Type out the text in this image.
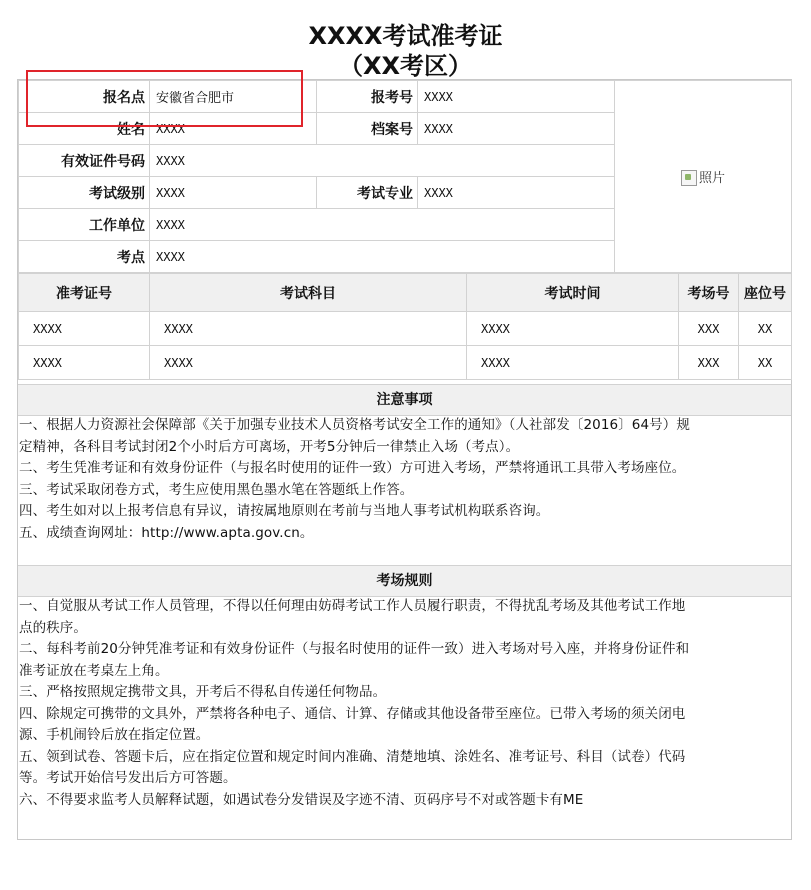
XXXX考试准考证
（XX考区）
报名点	安徽省合肥市	报考号	XXXX	照片
姓名	XXXX	档案号	XXXX	
有效证件号码	XXXX			
考试级别	XXXX	考试专业	XXXX	
工作单位	XXXX			
考点	XXXX			
准考证号	考试科目	考试时间	考场号	座位号
XXXX	XXXX	XXXX	XXX	XX
XXXX	XXXX	XXXX	XXX	XX
注意事项
一、根据人力资源社会保障部《关于加强专业技术人员资格考试安全工作的通知》（人社部发〔2016〕64号）规
定精神，各科目考试封闭2个小时后方可离场，开考5分钟后一律禁止入场（考点）。
二、考生凭准考证和有效身份证件（与报名时使用的证件一致）方可进入考场，严禁将通讯工具带入考场座位。
三、考试采取闭卷方式，考生应使用黑色墨水笔在答题纸上作答。
四、考生如对以上报考信息有异议，请按属地原则在考前与当地人事考试机构联系咨询。
五、成绩查询网址：http://www.apta.gov.cn。
考场规则
一、自觉服从考试工作人员管理，不得以任何理由妨碍考试工作人员履行职责，不得扰乱考场及其他考试工作地
点的秩序。
二、每科考前20分钟凭准考证和有效身份证件（与报名时使用的证件一致）进入考场对号入座，并将身份证件和
准考证放在考桌左上角。
三、严格按照规定携带文具，开考后不得私自传递任何物品。
四、除规定可携带的文具外，严禁将各种电子、通信、计算、存储或其他设备带至座位。已带入考场的须关闭电
源、手机闹铃后放在指定位置。
五、领到试卷、答题卡后，应在指定位置和规定时间内准确、清楚地填、涂姓名、准考证号、科目（试卷）代码
等。考试开始信号发出后方可答题。
六、不得要求监考人员解释试题，如遇试卷分发错误及字迹不清、页码序号不对或答题卡有ME
